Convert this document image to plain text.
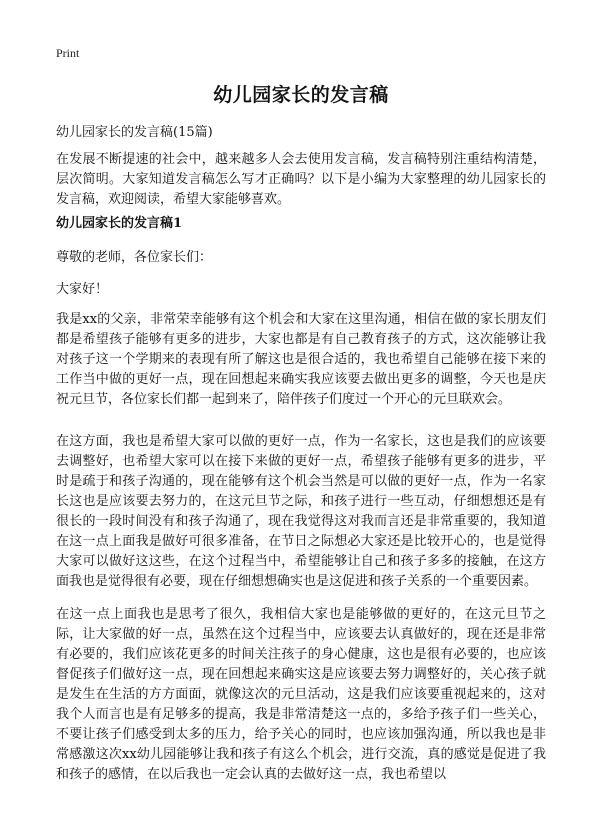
Print
幼儿园家长的发言稿

幼儿园家长的发言稿(15篇)

在发展不断提速的社会中，越来越多人会去使用发言稿，发言稿特别注重结构清楚，层次简明。大家知道发言稿怎么写才正确吗？以下是小编为大家整理的幼儿园家长的发言稿，欢迎阅读，希望大家能够喜欢。

幼儿园家长的发言稿1

尊敬的老师，各位家长们：

大家好！

我是xx的父亲，非常荣幸能够有这个机会和大家在这里沟通，相信在做的家长朋友们都是希望孩子能够有更多的进步，大家也都是有自己教育孩子的方式，这次能够让我对孩子这一个学期来的表现有所了解这也是很合适的，我也希望自己能够在接下来的工作当中做的更好一点，现在回想起来确实我应该要去做出更多的调整，今天也是庆祝元旦节，各位家长们都一起到来了，陪伴孩子们度过一个开心的元旦联欢会。

在这方面，我也是希望大家可以做的更好一点，作为一名家长，这也是我们的应该要去调整好，也希望大家可以在接下来做的更好一点，希望孩子能够有更多的进步，平时是疏于和孩子沟通的，现在能够有这个机会当然是可以做的更好一点，作为一名家长这也是应该要去努力的，在这元旦节之际，和孩子进行一些互动，仔细想想还是有很长的一段时间没有和孩子沟通了，现在我觉得这对我而言还是非常重要的，我知道在这一点上面我是做好可很多准备，在节日之际想必大家还是比较开心的，也是觉得大家可以做好这这些，在这个过程当中，希望能够让自己和孩子多多的接触，在这方面我也是觉得很有必要，现在仔细想想确实也是这促进和孩子关系的一个重要因素。

在这一点上面我也是思考了很久，我相信大家也是能够做的更好的，在这元旦节之际，让大家做的好一点，虽然在这个过程当中，应该要去认真做好的，现在还是非常有必要的，我们应该花更多的时间关注孩子的身心健康，这也是很有必要的，也应该督促孩子们做好这一点，现在回想起来确实这是应该要去努力调整好的，关心孩子就是发生在生活的方方面面，就像这次的元旦活动，这是我们应该要重视起来的，这对我个人而言也是有足够多的提高，我是非常清楚这一点的，多给予孩子们一些关心，不要让孩子们感受到太多的压力，给予关心的同时，也应该加强沟通，所以我也是非常感激这次xx幼儿园能够让我和孩子有这么个机会，进行交流，真的感觉是促进了我和孩子的感情，在以后我也一定会认真的去做好这一点，我也希望以
